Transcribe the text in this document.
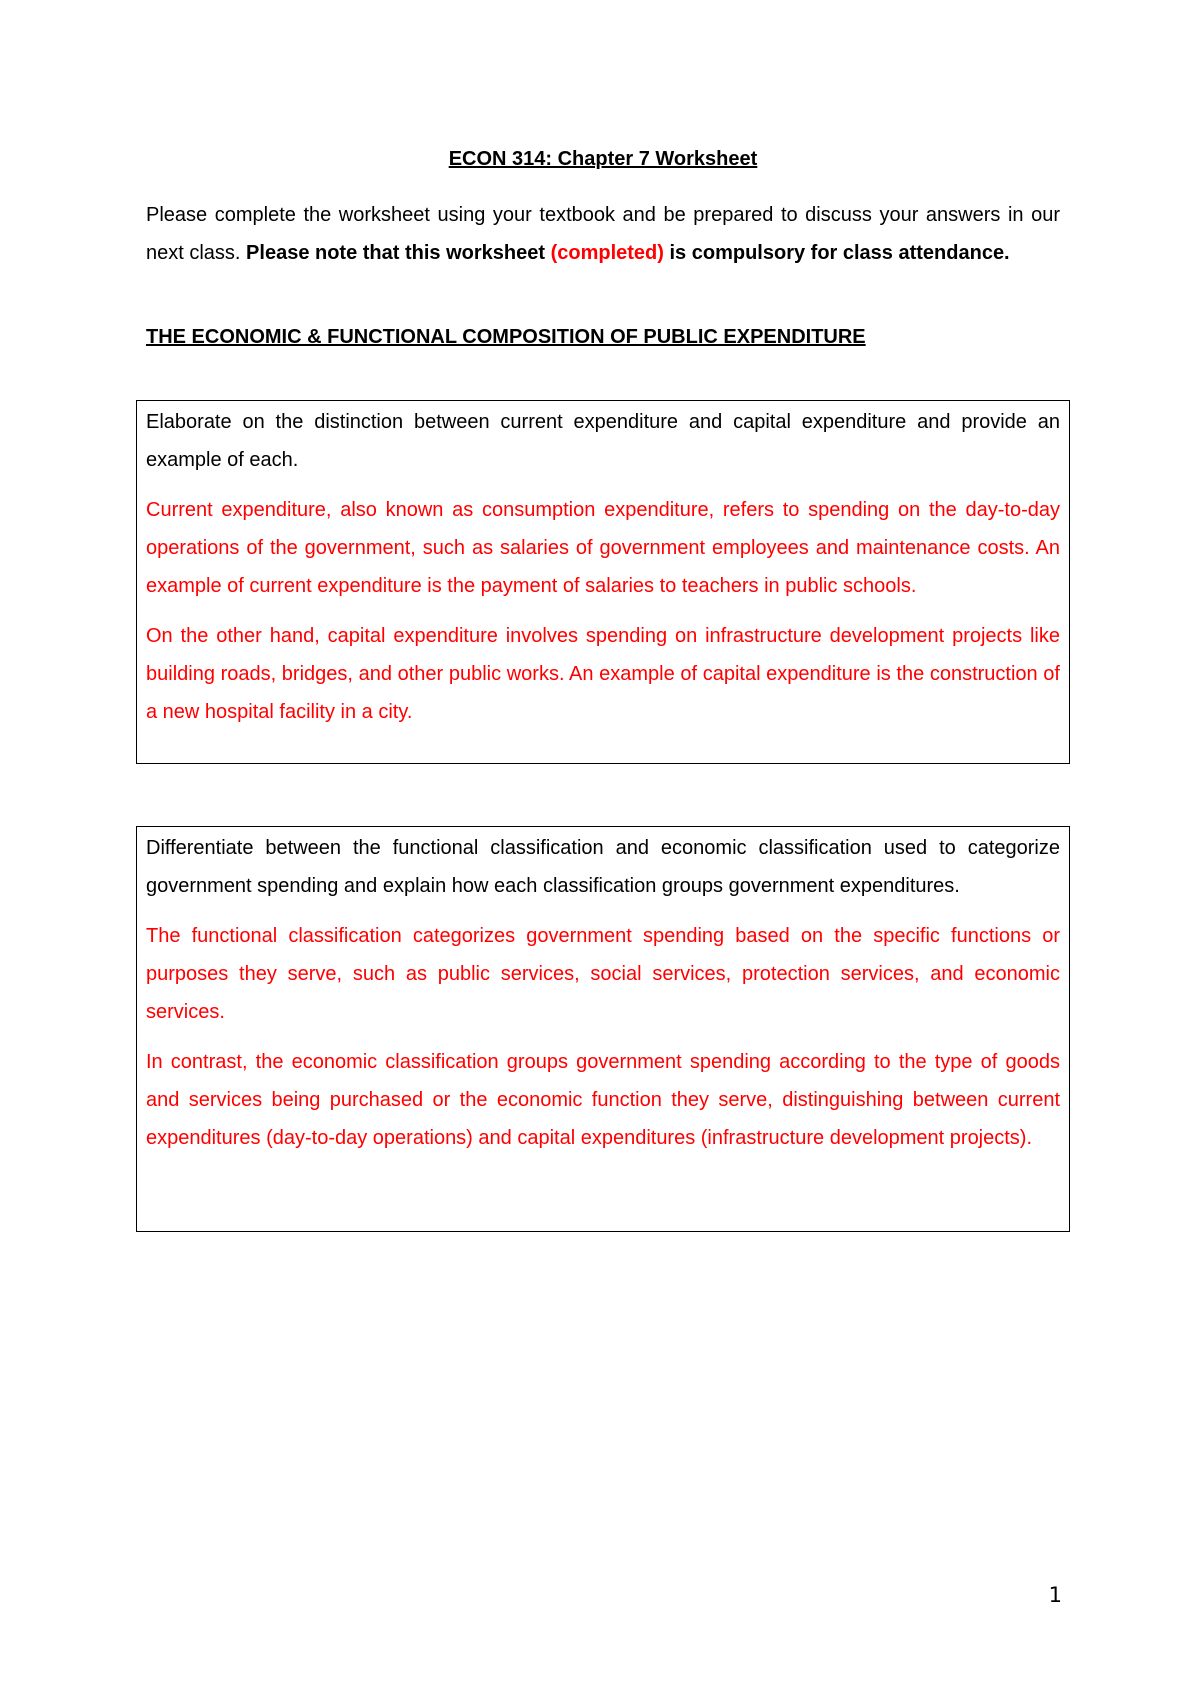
ECON 314: Chapter 7 Worksheet

Please complete the worksheet using your textbook and be prepared to discuss your answers in our next class. Please note that this worksheet (completed) is compulsory for class attendance.

THE ECONOMIC & FUNCTIONAL COMPOSITION OF PUBLIC EXPENDITURE

Elaborate on the distinction between current expenditure and capital expenditure and provide an example of each.

Current expenditure, also known as consumption expenditure, refers to spending on the day-to-day operations of the government, such as salaries of government employees and maintenance costs. An example of current expenditure is the payment of salaries to teachers in public schools.

On the other hand, capital expenditure involves spending on infrastructure development projects like building roads, bridges, and other public works. An example of capital expenditure is the construction of a new hospital facility in a city.

Differentiate between the functional classification and economic classification used to categorize government spending and explain how each classification groups government expenditures.

The functional classification categorizes government spending based on the specific functions or purposes they serve, such as public services, social services, protection services, and economic services.

In contrast, the economic classification groups government spending according to the type of goods and services being purchased or the economic function they serve, distinguishing between current expenditures (day-to-day operations) and capital expenditures (infrastructure development projects).

1
